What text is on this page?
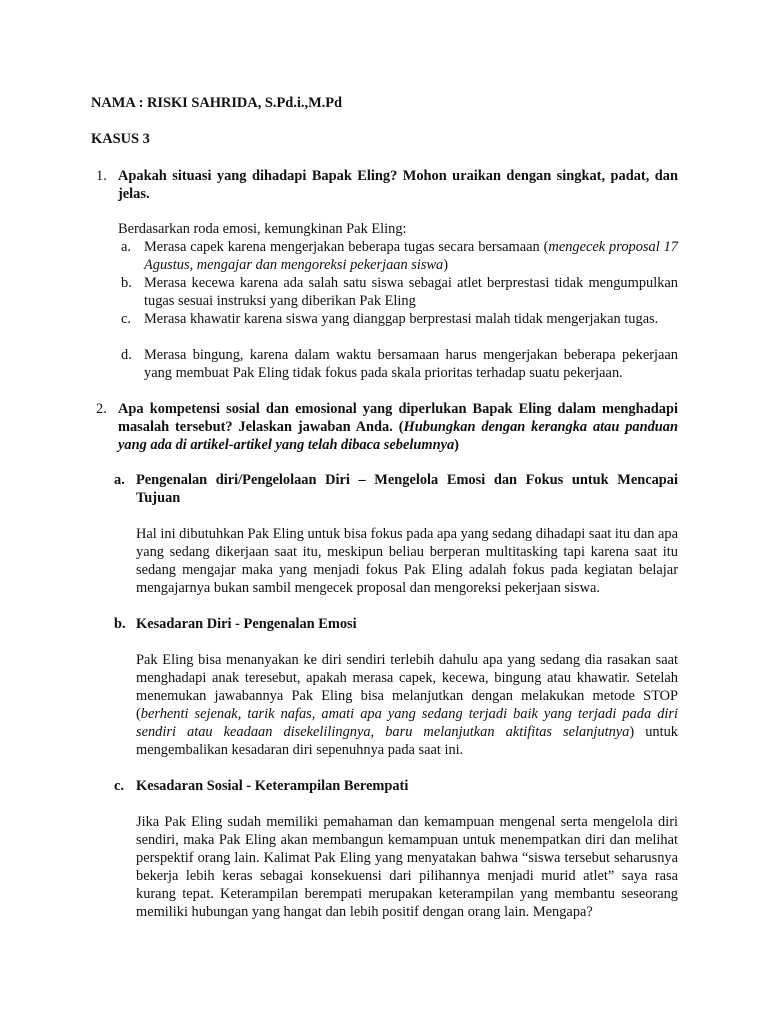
NAMA : RISKI SAHRIDA, S.Pd.i.,M.Pd
KASUS 3
1. Apakah situasi yang dihadapi Bapak Eling? Mohon uraikan dengan singkat, padat, dan jelas.
Berdasarkan roda emosi, kemungkinan Pak Eling:
a. Merasa capek karena mengerjakan beberapa tugas secara bersamaan (mengecek proposal 17 Agustus, mengajar dan mengoreksi pekerjaan siswa)
b. Merasa kecewa karena ada salah satu siswa sebagai atlet berprestasi tidak mengumpulkan tugas sesuai instruksi yang diberikan Pak Eling
c. Merasa khawatir karena siswa yang dianggap berprestasi malah tidak mengerjakan tugas.
d. Merasa bingung, karena dalam waktu bersamaan harus mengerjakan beberapa pekerjaan yang membuat Pak Eling tidak fokus pada skala prioritas terhadap suatu pekerjaan.
2. Apa kompetensi sosial dan emosional yang diperlukan Bapak Eling dalam menghadapi masalah tersebut? Jelaskan jawaban Anda. (Hubungkan dengan kerangka atau panduan yang ada di artikel-artikel yang telah dibaca sebelumnya)
a. Pengenalan diri/Pengelolaan Diri – Mengelola Emosi dan Fokus untuk Mencapai Tujuan
Hal ini dibutuhkan Pak Eling untuk bisa fokus pada apa yang sedang dihadapi saat itu dan apa yang sedang dikerjaan saat itu, meskipun beliau berperan multitasking tapi karena saat itu sedang mengajar maka yang menjadi fokus Pak Eling adalah fokus pada kegiatan belajar mengajarnya bukan sambil mengecek proposal dan mengoreksi pekerjaan siswa.
b. Kesadaran Diri - Pengenalan Emosi
Pak Eling bisa menanyakan ke diri sendiri terlebih dahulu apa yang sedang dia rasakan saat menghadapi anak teresebut, apakah merasa capek, kecewa, bingung atau khawatir. Setelah menemukan jawabannya Pak Eling bisa melanjutkan dengan melakukan metode STOP (berhenti sejenak, tarik nafas, amati apa yang sedang terjadi baik yang terjadi pada diri sendiri atau keadaan disekelilingnya, baru melanjutkan aktifitas selanjutnya) untuk mengembalikan kesadaran diri sepenuhnya pada saat ini.
c. Kesadaran Sosial - Keterampilan Berempati
Jika Pak Eling sudah memiliki pemahaman dan kemampuan mengenal serta mengelola diri sendiri, maka Pak Eling akan membangun kemampuan untuk menempatkan diri dan melihat perspektif orang lain. Kalimat Pak Eling yang menyatakan bahwa “siswa tersebut seharusnya bekerja lebih keras sebagai konsekuensi dari pilihannya menjadi murid atlet” saya rasa kurang tepat. Keterampilan berempati merupakan keterampilan yang membantu seseorang memiliki hubungan yang hangat dan lebih positif dengan orang lain. Mengapa?
